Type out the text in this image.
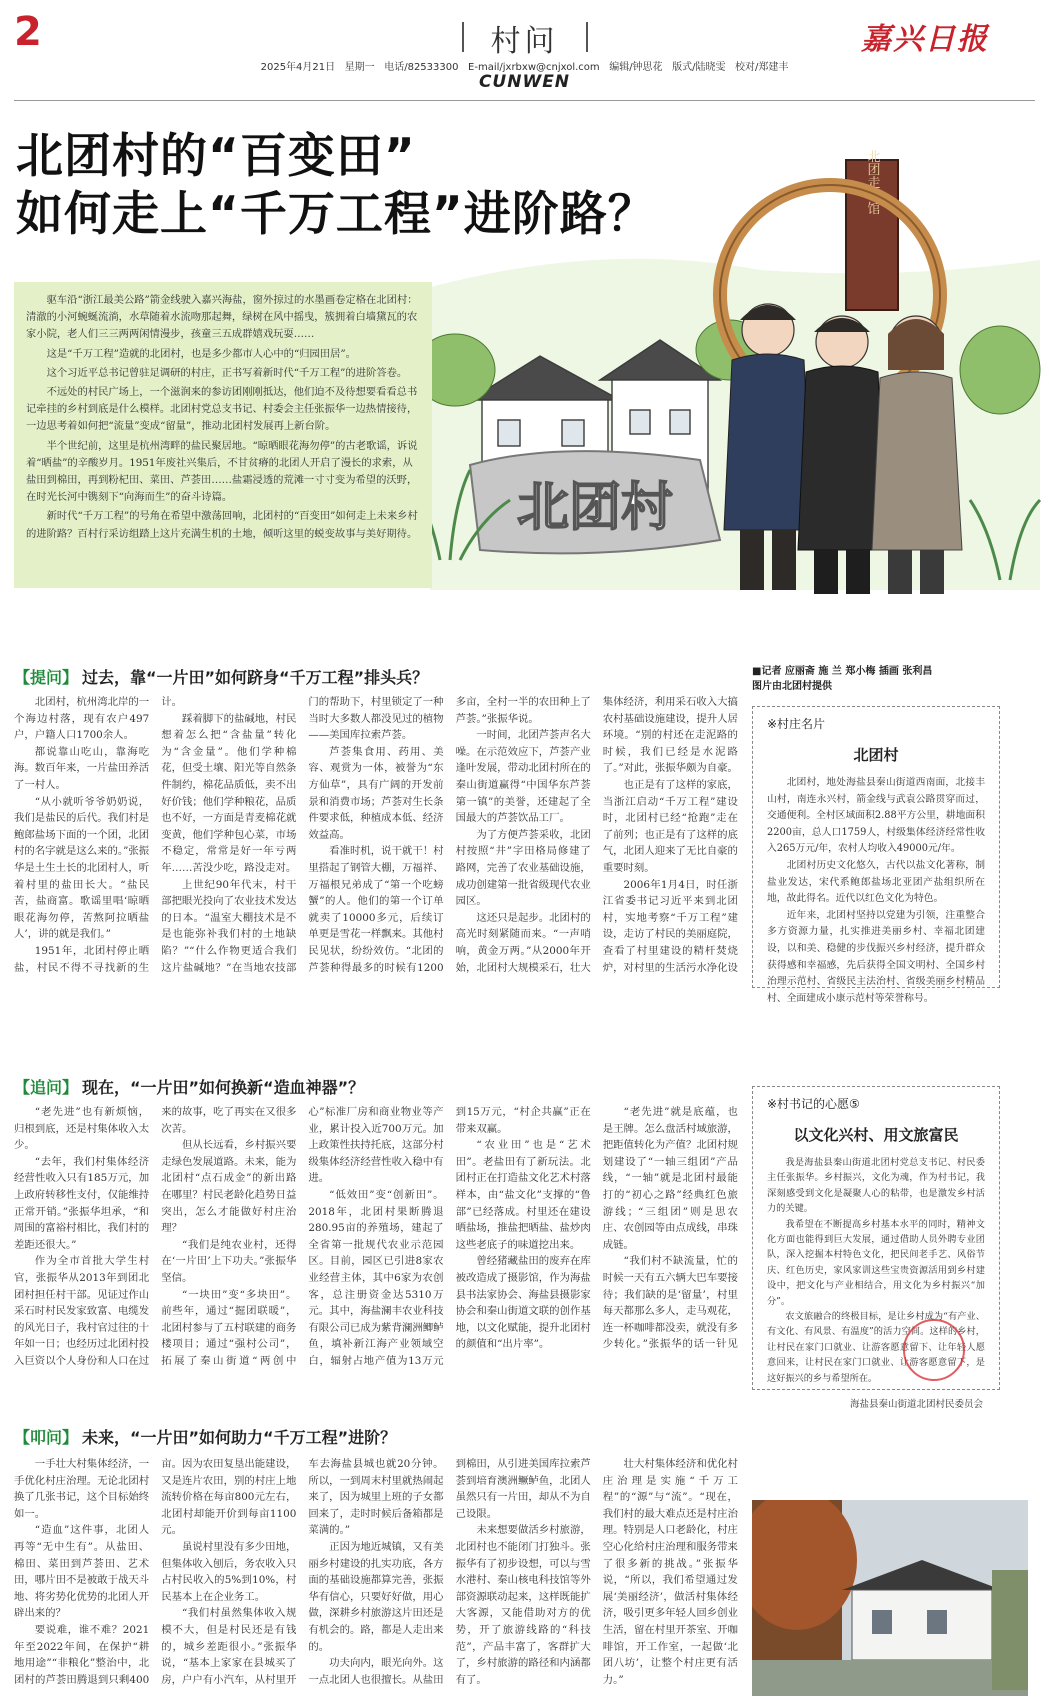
2	村问	嘉兴日报
2025年4月21日   星期一   电话/82533300   E-mail/jxrbxw@cnjxol.com   编辑/钟思花   版式/陆晓雯   校对/郑建丰
CUNWEN
北团走心馆
北团村
北团村的“百变田”
如何走上“千万工程”进阶路？

驱车沿“浙江最美公路”箭金线驶入嘉兴海盐，窗外掠过的水墨画卷定格在北团村：清澈的小河蜿蜒流淌，水草随着水流吻那起舞，绿树在风中摇曳，簇拥着白墙黛瓦的农家小院，老人们三三两两闲情漫步，孩童三五成群嬉戏玩耍……

这是“千万工程”造就的北团村，也是多少都市人心中的“归园田居”。

这个习近平总书记曾驻足调研的村庄，正书写着新时代“千万工程”的进阶答卷。

不远处的村民广场上，一个滋润来的参访团刚刚抵达，他们迫不及待想要看看总书记牵挂的乡村到底是什么模样。北团村党总支书记、村委会主任张振华一边热情接待，一边思考着如何把“流量”变成“留量”，推动北团村发展再上新台阶。

半个世纪前，这里是杭州湾畔的盐民聚居地。“晾晒眼花海勿停”的古老歌谣，诉说着“晒盐”的辛酸岁月。1951年废社兴集后，不甘贫瘠的北团人开启了漫长的求索，从盐田到棉田，再到粉杞田、菜田、芦荟田……盐霜浸透的荒滩一寸寸变为希望的沃野，在时光长河中镌刻下“向海而生”的奋斗诗篇。

新时代“千万工程”的号角在希望中激荡回响，北团村的“百变田”如何走上未来乡村的进阶路？百村行采访组踏上这片充满生机的土地，倾听这里的蜕变故事与美好期待。

■记者 应丽斋 施 兰 郑小梅 插画 张利昌
图片由北团村提供
【提问】 过去，靠“一片田”如何跻身“千万工程”排头兵？

北团村，杭州湾北岸的一个海边村落，现有农户497户，户籍人口1700余人。

都说靠山吃山，靠海吃海。数百年来，一片盐田养活了一村人。

“从小就听爷爷奶奶说，我们是盐民的后代。我们村是鲍郎盐场下面的一个团，北团村的名字就是这么来的。”张振华是土生土长的北团村人，听着村里的盐田长大。“盐民苦，盐商富。歌谣里唱‘晾晒眼花海勿停，苦熬阿拉晒盐人’，讲的就是我们。”

1951年，北团村停止晒盐，村民不得不寻找新的生计。

踩着脚下的盐碱地，村民想着怎么把“含盐量”转化为“含金量”。他们学种棉花，但受土壤、阳光等自然条件制约，棉花品质低，卖不出好价钱；他们学种粮花，品质也不好，一方面是青麦棉花就变黄，他们学种包心菜，市场不稳定，常常是好一年亏两年……苦没少吃，路没走对。

上世纪90年代末，村干部把眼光投向了农业技术发达的日本。“温室大棚技术是不是也能弥补我们村的土地缺陷？”“什么作物更适合我们这片盐碱地？”在当地农技部门的帮助下，村里锁定了一种当时大多数人都没见过的植物——美国库拉索芦荟。

芦荟集食用、药用、美容、观赏为一体，被誉为“东方仙草”，具有广阔的开发前景和消费市场；芦荟对生长条件要求低，种植成本低、经济效益高。

看准时机，说干就干！村里搭起了钢管大棚，万福祥、万福根兄弟成了“第一个吃螃蟹”的人。他们的第一个订单就卖了10000多元，后续订单更是雪花一样飘来。其他村民见状，纷纷效仿。“北团的芦荟种得最多的时候有1200多亩，全村一半的农田种上了芦荟。”张振华说。

一时间，北团芦荟声名大噪。在示范效应下，芦荟产业逢叶发展，带动北团村所在的秦山街道赢得“中国华东芦荟第一镇”的美誉，还建起了全国最大的芦荟饮品工厂。

为了方便芦荟采收，北团村按照“井”字田格局修建了路网，完善了农业基础设施，成功创建第一批省级现代农业园区。

这还只是起步。北团村的高光时刻紧随而来。“一声哨响，黄金万两。”从2000年开始，北团村大规模采石，壮大集体经济，利用采石收入大搞农村基础设施建设，提升人居环境。“别的村还在走泥路的时候，我们已经是水泥路了。”对此，张振华颇为自豪。

也正是有了这样的家底，当浙江启动“千万工程”建设时，北团村已经“抢跑”走在了前列；也正是有了这样的底气，北团人迎来了无比自豪的重要时刻。

2006年1月4日，时任浙江省委书记习近平来到北团村，实地考察“千万工程”建设，走访了村民的美丽庭院，查看了村里建设的精杆焚烧炉，对村里的生活污水净化设

※村庄名片
北团村

北团村，地处海盐县秦山街道西南面，北接丰山村，南连永兴村，箭金线与武袁公路贯穿而过，交通便利。全村区域面积2.88平方公里，耕地面积2200亩，总人口1759人，村级集体经济经常性收入265万元/年，农村人均收入49000元/年。

北团村历史文化悠久，古代以盐文化著称，制盐业发达，宋代系鲍郎盐场北亚团产盐组织所在地，故此得名。近代以红色文化为特色。

近年来，北团村坚持以党建为引领，注重整合多方资源力量，扎实推进美丽乡村、幸福北团建设，以和美、稳健的步伐振兴乡村经济，提升群众获得感和幸福感，先后获得全国文明村、全国乡村治理示范村、省级民主法治村、省级美丽乡村精品村、全面建成小康示范村等荣誉称号。

【追问】 现在，“一片田”如何换新“造血神器”？

“老先进”也有新烦恼，归根到底，还是村集体收入太少。

“去年，我们村集体经济经营性收入只有185万元，加上政府转移性支付，仅能维持正常开销。”张振华坦承，“和周围的富裕村相比，我们村的差距还很大。”

作为全市首批大学生村官，张振华从2013年到团北团村担任村干部。见证过作山采石时村民发家致富、电缆发的风光日子，我村官过往的十年如一日；也经历过北团村投入巨资以个人身份和人口在过来的故事，吃了再实在又很多次苦。

但从长远看，乡村振兴要走绿色发展道路。未来，能为北团村“点石成金”的新出路在哪里？村民老龄化趋势日益突出，怎么才能做好村庄治理？

“我们是纯农业村，还得在‘一片田’上下功夫。”张振华坚信。

“一块田”变“多块田”。前些年，通过“掘团联暖”，北团村参与了五村联建的商务楼项目；通过“强村公司”，拓展了秦山街道“两创中心”标准厂房和商业物业等产业，累计投入近700万元。加上政策性扶持托底，这部分村级集体经济经营性收入稳中有进。

“低效田”变“创新田”。2018年，北团村果断腾退280.95亩的养殖场，建起了全省第一批规代农业示范园区。目前，园区已引进8家农业经营主体，其中6家为农创客，总注册资金达5310万元。其中，海盐澜丰农业科技有限公司已成为紫背澜洲鲫鲈鱼，填补新江海产业领域空白，辐射占地产值为13万元到15万元，“村企共赢”正在带来双赢。

“农业田”也是“艺术田”。老盐田有了新玩法。北团村正在打造盐文化艺术村落样本，由“盐文化”支撑的“鲁部”已经落成。村里还在建设晒盐场，推盐把晒盐、盐炒肉这些老底子的味道挖出来。

曾经猪藏盐田的废弃在库被改造成了摄影馆，作为海盐县书法家协会、海盐县摄影家协会和秦山街道文联的创作基地，以文化赋能，提升北团村的颜值和“出片率”。

“老先进”就是底蕴，也是王牌。怎么盘活村域旅游，把距值转化为产值？北团村规划建设了“一轴三组团”产品线，“一轴”就是北团村最能打的“初心之路”经典红色旅游线；“三组团”则是思农庄、农创园等由点成线，串珠成链。

“我们村不缺流量，忙的时候一天有五六辆大巴车要接待；我们缺的是‘留量’，村里每天都那么多人，走马观花，连一杯咖啡都没卖，就没有多少转化。”张振华的话一针见

※村书记的心愿⑤
以文化兴村、用文旅富民

我是海盐县秦山街道北团村党总支书记、村民委主任张振华。乡村振兴，文化为魂，作为村书记，我深刻感受到文化是凝聚人心的粘带，也是激发乡村活力的关键。

我希望在不断提高乡村基本水平的同时，精神文化方面也能得到巨大发展，通过借助人员外聘专业团队，深入挖掘本村特色文化，把民间老手艺、风俗节庆、红色历史，家风家训这些宝贵资源活用到乡村建设中，把文化与产业相结合，用文化为乡村振兴“加分”。

农文旅融合的终极目标，是让乡村成为“有产业、有文化、有风景、有温度”的活力空间。这样的乡村，让村民在家门口就业、让游客愿意留下、让年轻人愿意回来，让村民在家门口就业、让游客愿意留下，是这好振兴的乡与希望所在。

海盐县秦山街道北团村民委员会
【叩问】 未来，“一片田”如何助力“千万工程”进阶？

一手壮大村集体经济，一手优化村庄治理。无论北团村换了几张书记，这个目标始终如一。

“造血”这件事，北团人再等“无中生有”。从盐田、棉田、菜田到芦荟田、艺术田，哪片田不是被敢于战天斗地、将劣势化优势的北团人开辟出来的？

要说难，谁不难？2021年至2022年间，在保护“耕地用途”“非粮化”整治中，北团村的芦荟田腾退到只剩400亩。因为农田复垦出能建设，又是连片农田，别的村庄上地流转价格在每亩800元左右，北团村却能开价到每亩1100元。

虽说村里没有多少田地，但集体收入刨后，务农收入只占村民收入的5%到10%，村民基本上在企业务工。

“我们村虽然集体收入规模不大，但是村民还是有钱的，城乡差距很小。”张振华说，“基本上家家在县城买了房，户户有小汽车，从村里开车去海盐县城也就20分钟。所以，一到周末村里就热闹起来了，因为城里上班的子女都回来了，走时时候后备箱都是菜满的。”

正因为地近城镇，又有美丽乡村建设的扎实功底，各方面的基础设施都算完善，张振华有信心，只要好好做，用心做，深耕乡村旅游这片田还是有机会的。路，都是人走出来的。

功夫向内，眼光向外。这一点北团人也很擅长。从盐田到棉田，从引进美国库拉索芦荟到培育澳洲鳜鲈鱼，北团人虽然只有一片田，却从不为自己设限。

未来想要做活乡村旅游，北团村也不能闭门打独斗。张振华有了初步设想，可以与雪水港村、秦山核电科技馆等外部资源联动起来，这样既能扩大客源，又能借助对方的优势，开了旅游线路的“科技范”，产品丰富了，客群扩大了，乡村旅游的路径和内涵都有了。

壮大村集体经济和优化村庄治理是实施“千万工程”的“源”与“流”。“现在，我们村的最大难点还是村庄治理。特别是人口老龄化，村庄空心化给村庄治理和服务带来了很多新的挑战。”张振华说，“所以，我们希望通过发展‘美丽经济’，做活村集体经济，吸引更多年轻人回乡创业生活，留在村里开茶室、开咖啡馆，开工作室，一起做‘北团八坊’，让整个村庄更有活力。”
